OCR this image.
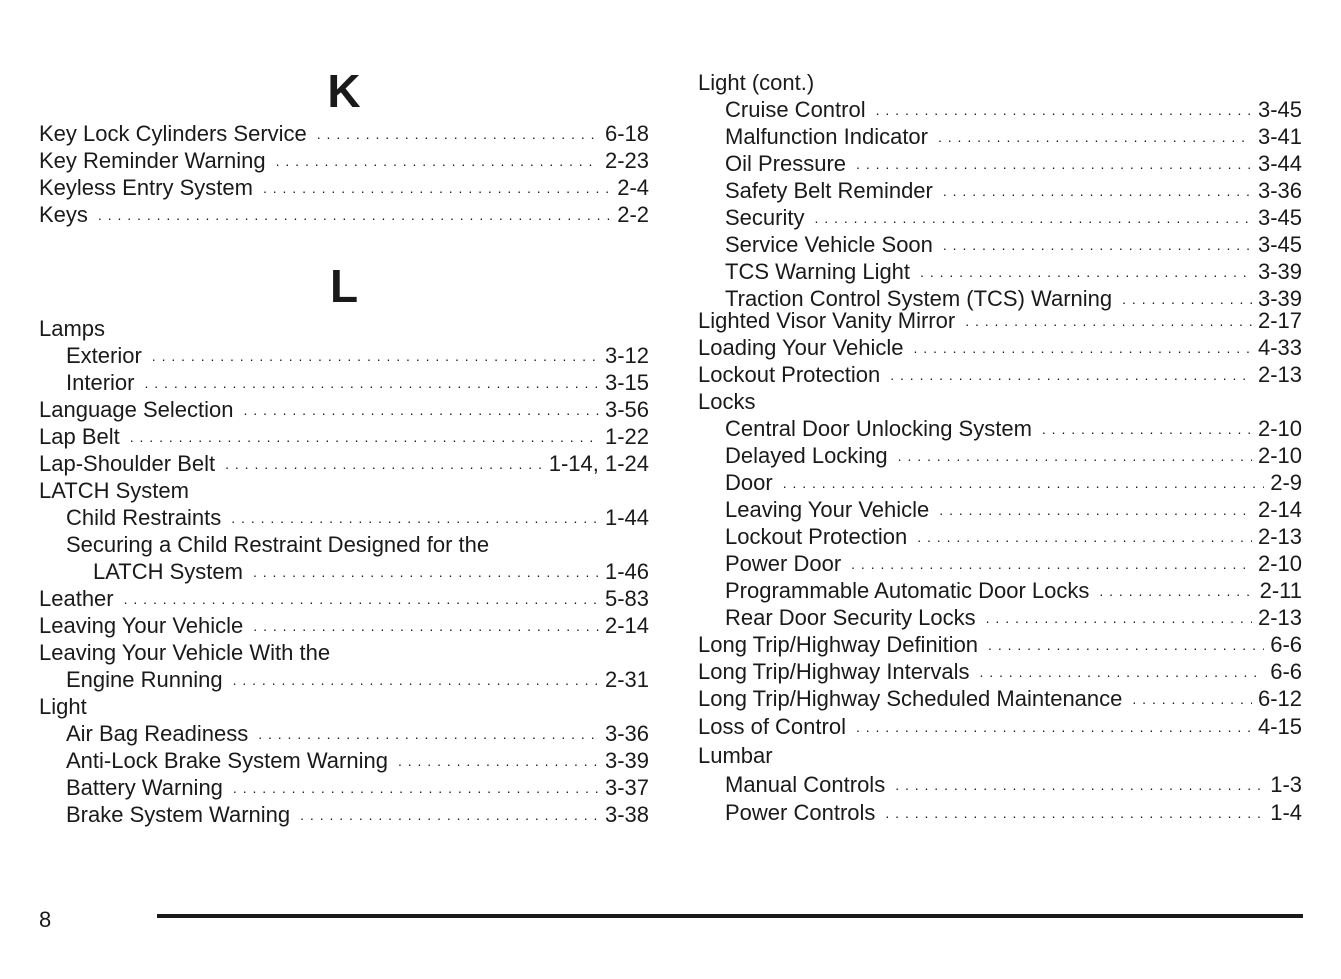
K
Key Lock Cylinders Service . . .	6-18
Key Reminder Warning . . .	2-23
Keyless Entry System . . .	2-4
Keys . . .	2-2
L
Lamps
Exterior . . .	3-12
Interior . . .	3-15
Language Selection . . .	3-56
Lap Belt . . .	1-22
Lap-Shoulder Belt . . .	1-14, 1-24
LATCH System
Child Restraints . . .	1-44
Securing a Child Restraint Designed for the
LATCH System . . .	1-46
Leather . . .	5-83
Leaving Your Vehicle . . .	2-14
Leaving Your Vehicle With the
Engine Running . . .	2-31
Light
Air Bag Readiness . . .	3-36
Anti-Lock Brake System Warning . . .	3-39
Battery Warning . . .	3-37
Brake System Warning . . .	3-38
Light (cont.)
Cruise Control . . .	3-45
Malfunction Indicator . . .	3-41
Oil Pressure . . .	3-44
Safety Belt Reminder . . .	3-36
Security . . .	3-45
Service Vehicle Soon . . .	3-45
TCS Warning Light . . .	3-39
Traction Control System (TCS) Warning . . .	3-39
Lighted Visor Vanity Mirror . . .	2-17
Loading Your Vehicle . . .	4-33
Lockout Protection . . .	2-13
Locks
Central Door Unlocking System . . .	2-10
Delayed Locking . . .	2-10
Door . . .	2-9
Leaving Your Vehicle . . .	2-14
Lockout Protection . . .	2-13
Power Door . . .	2-10
Programmable Automatic Door Locks . . .	2-11
Rear Door Security Locks . . .	2-13
Long Trip/Highway Definition . . .	6-6
Long Trip/Highway Intervals . . .	6-6
Long Trip/Highway Scheduled Maintenance . . .	6-12
Loss of Control . . .	4-15
Lumbar
Manual Controls . . .	1-3
Power Controls . . .	1-4
8
